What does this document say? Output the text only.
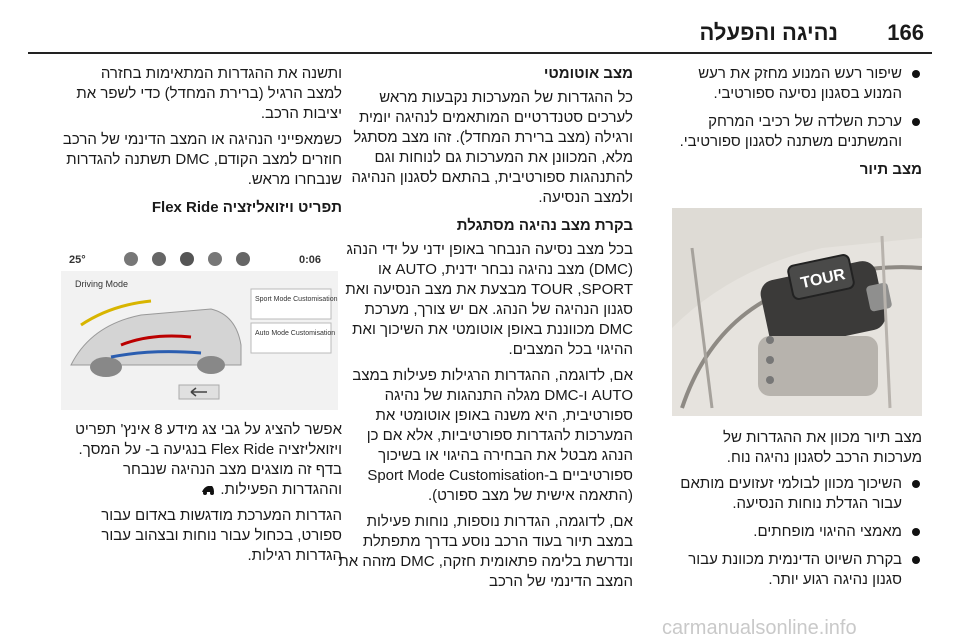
166
נהיגה והפעלה
שיפור רעש המנוע מחזק את רעש המנוע בסגנון נסיעה ספורטיבי.
ערכת השלדה של רכיבי המרחק והמשתנים משתנה לסגנון ספורטיבי.
מצב תיור
TOUR

מצב תיור מכוון את ההגדרות של מערכות הרכב לסגנון נהיגה נוח.

השיכוך מכוון לבולמי זעזועים מותאם עבור הגדלת נוחות הנסיעה.
מאמצי ההיגוי מופחתים.
בקרת השיוט הדינמית מכוונת עבור סגנון נהיגה רגוע יותר.
מצב אוטומטי

כל ההגדרות של המערכות נקבעות מראש לערכים סטנדרטיים המותאמים לנהיגה יומית ורגילה (מצב ברירת המחדל). זהו מצב מסתגל מלא, המכוונן את המערכות גם לנוחות וגם להתנהגות ספורטיבית, בהתאם לסגנון הנהיגה ולמצב הנסיעה.

בקרת מצב נהיגה מסתגלת

בכל מצב נסיעה הנבחר באופן ידני על ידי הנהג (DMC) מצב נהיגה נבחר ידנית, AUTO או TOUR ,SPORT מבצעת את מצב הנסיעה ואת סגנון הנהיגה של הנהג. אם יש צורך, מערכת DMC מכווננת באופן אוטומטי את השיכוך ואת ההיגוי בכל המצבים.

אם, לדוגמה, ההגדרות הרגילות פעילות במצב AUTO ו-DMC מגלה התנהגות של נהיגה ספורטיבית, היא משנה באופן אוטומטי את המערכות להגדרות ספורטיביות, אלא אם כן הנהג מבטל את הבחירה בהיגוי או בשיכוך ספורטיביים ב-Sport Mode Customisation (התאמה אישית של מצב ספורט).

אם, לדוגמה, הגדרות נוספות, נוחות פעילות במצב תיור בעוד הרכב נוסע בדרך מתפתלת ונדרשת בלימה פתאומית חזקה, DMC מזהה את המצב הדינמי של הרכב

ותשנה את ההגדרות המתאימות בחזרה למצב הרגיל (ברירת המחדל) כדי לשפר את יציבות הרכב.

כשמאפייני הנהיגה או המצב הדינמי של הרכב חוזרים למצב הקודם, DMC תשתנה להגדרות שנבחרו מראש.

תפריט ויזואליזציה Flex Ride
25°	0:06
Driving Mode
Sport Mode Customisation
Auto Mode Customisation

אפשר להציג על גבי צג מידע 8 אינץ' תפריט ויזואליזציה Flex Ride בנגיעה ב- על המסך. בדף זה מוצגים מצב הנהיגה שנבחר וההגדרות הפעילות.

הגדרות המערכת מודגשות באדום עבור ספורט, בכחול עבור נוחות ובצהוב עבור הגדרות רגילות.

carmanualsonline.info
